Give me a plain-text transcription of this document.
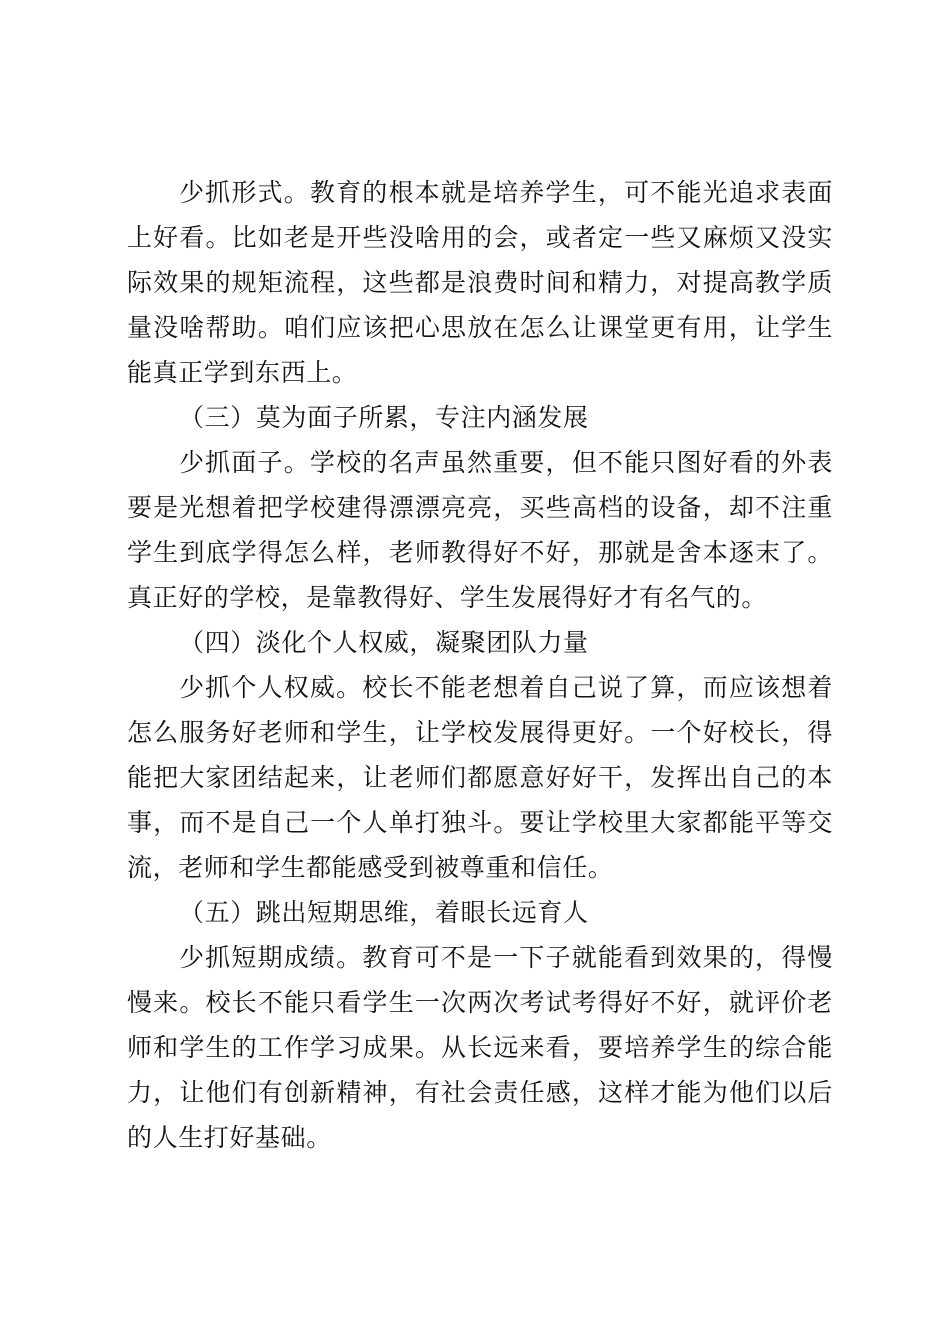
少抓形式。教育的根本就是培养学生，可不能光追求表面上好看。比如老是开些没啥用的会，或者定一些又麻烦又没实际效果的规矩流程，这些都是浪费时间和精力，对提高教学质量没啥帮助。咱们应该把心思放在怎么让课堂更有用，让学生能真正学到东西上。

（三）莫为面子所累，专注内涵发展

少抓面子。学校的名声虽然重要，但不能只图好看的外表要是光想着把学校建得漂漂亮亮，买些高档的设备，却不注重学生到底学得怎么样，老师教得好不好，那就是舍本逐末了。真正好的学校，是靠教得好、学生发展得好才有名气的。

（四）淡化个人权威，凝聚团队力量

少抓个人权威。校长不能老想着自己说了算，而应该想着怎么服务好老师和学生，让学校发展得更好。一个好校长，得能把大家团结起来，让老师们都愿意好好干，发挥出自己的本事，而不是自己一个人单打独斗。要让学校里大家都能平等交流，老师和学生都能感受到被尊重和信任。

（五）跳出短期思维，着眼长远育人

少抓短期成绩。教育可不是一下子就能看到效果的，得慢慢来。校长不能只看学生一次两次考试考得好不好，就评价老师和学生的工作学习成果。从长远来看，要培养学生的综合能力，让他们有创新精神，有社会责任感，这样才能为他们以后的人生打好基础。
